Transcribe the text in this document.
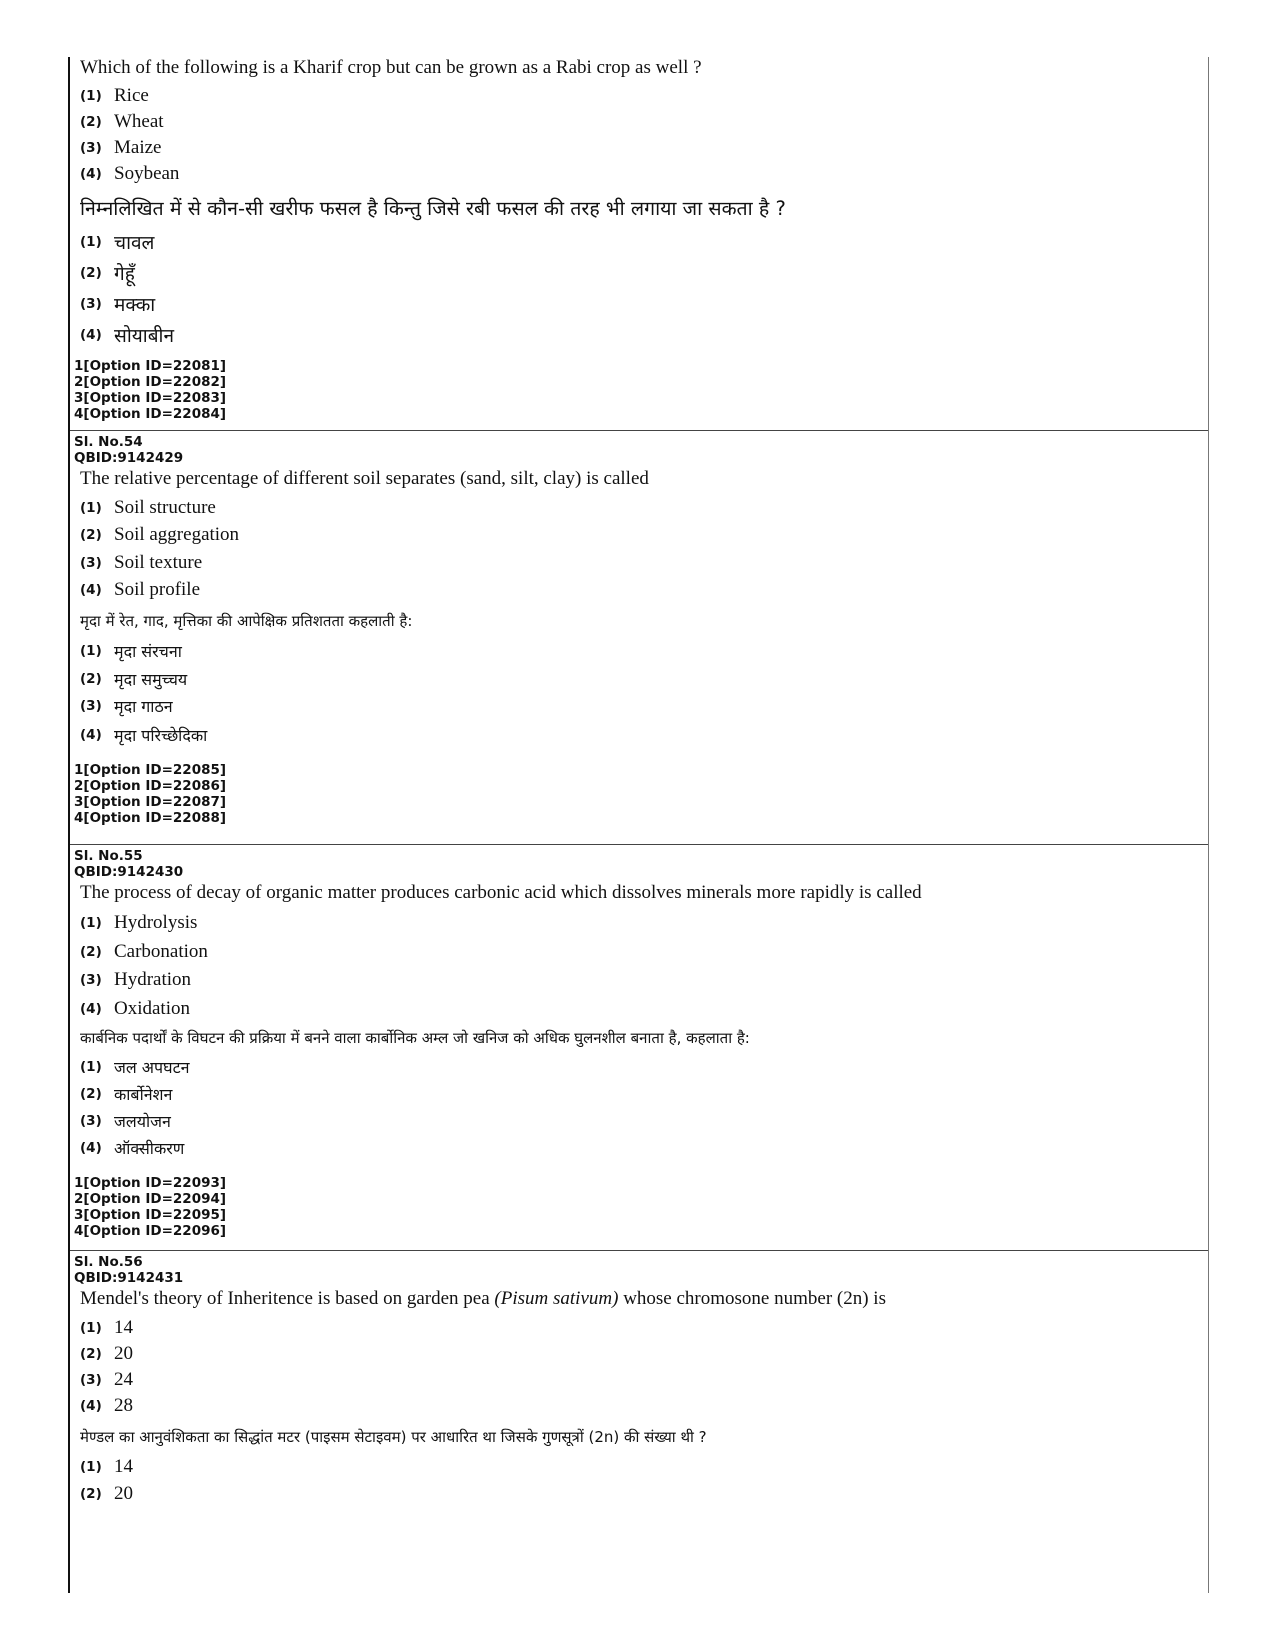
Which of the following is a Kharif crop but can be grown as a Rabi crop as well ?
(1) Rice
(2) Wheat
(3) Maize
(4) Soybean
निम्नलिखित में से कौन-सी खरीफ फसल है किन्तु जिसे रबी फसल की तरह भी लगाया जा सकता है ?
(1) चावल
(2) गेहूँ
(3) मक्का
(4) सोयाबीन
1[Option ID=22081]
2[Option ID=22082]
3[Option ID=22083]
4[Option ID=22084]
Sl. No.54
QBID:9142429
The relative percentage of different soil separates (sand, silt, clay) is called
(1) Soil structure
(2) Soil aggregation
(3) Soil texture
(4) Soil profile
मृदा में रेत, गाद, मृत्तिका की आपेक्षिक प्रतिशतता कहलाती है:
(1) मृदा संरचना
(2) मृदा समुच्चय
(3) मृदा गाठन
(4) मृदा परिच्छेदिका
1[Option ID=22085]
2[Option ID=22086]
3[Option ID=22087]
4[Option ID=22088]
Sl. No.55
QBID:9142430
The process of decay of organic matter produces carbonic acid which dissolves minerals more rapidly is called
(1) Hydrolysis
(2) Carbonation
(3) Hydration
(4) Oxidation
कार्बनिक पदार्थों के विघटन की प्रक्रिया में बनने वाला कार्बोनिक अम्ल जो खनिज को अधिक घुलनशील बनाता है, कहलाता है:
(1) जल अपघटन
(2) कार्बोनेशन
(3) जलयोजन
(4) ऑक्सीकरण
1[Option ID=22093]
2[Option ID=22094]
3[Option ID=22095]
4[Option ID=22096]
Sl. No.56
QBID:9142431
Mendel's theory of Inheritence is based on garden pea (Pisum sativum) whose chromosone number (2n) is
(1) 14
(2) 20
(3) 24
(4) 28
मेण्डल का आनुवंशिकता का सिद्धांत मटर (पाइसम सेटाइवम) पर आधारित था जिसके गुणसूत्रों (2n) की संख्या थी ?
(1) 14
(2) 20
